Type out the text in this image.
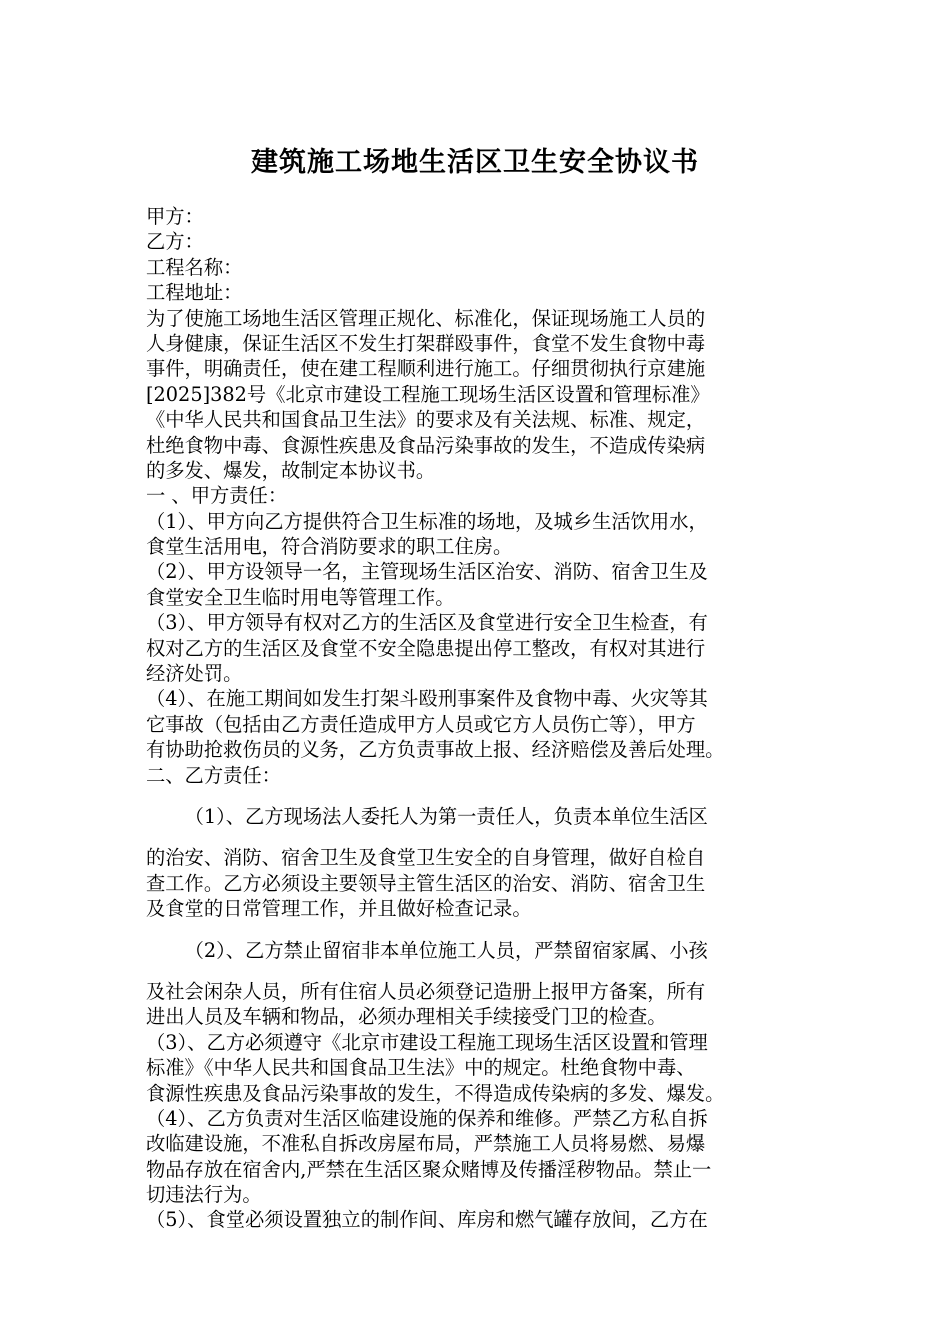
建筑施工场地生活区卫生安全协议书
甲方：
乙方：
工程名称：
工程地址：
为了使施工场地生活区管理正规化、标准化，保证现场施工人员的
人身健康，保证生活区不发生打架群殴事件，食堂不发生食物中毒
事件，明确责任，使在建工程顺利进行施工。仔细贯彻执行京建施
[2025]382号《北京市建设工程施工现场生活区设置和管理标准》
《中华人民共和国食品卫生法》的要求及有关法规、标准、规定，
杜绝食物中毒、食源性疾患及食品污染事故的发生，不造成传染病
的多发、爆发，故制定本协议书。
一 、甲方责任：
（1）、甲方向乙方提供符合卫生标准的场地，及城乡生活饮用水，
食堂生活用电，符合消防要求的职工住房。
（2）、甲方设领导一名，主管现场生活区治安、消防、宿舍卫生及
食堂安全卫生临时用电等管理工作。
（3）、甲方领导有权对乙方的生活区及食堂进行安全卫生检查，有
权对乙方的生活区及食堂不安全隐患提出停工整改，有权对其进行
经济处罚。
（4）、在施工期间如发生打架斗殴刑事案件及食物中毒、火灾等其
它事故（包括由乙方责任造成甲方人员或它方人员伤亡等），甲方
有协助抢救伤员的义务，乙方负责事故上报、经济赔偿及善后处理。
二、乙方责任：
（1）、乙方现场法人委托人为第一责任人，负责本单位生活区
的治安、消防、宿舍卫生及食堂卫生安全的自身管理，做好自检自
查工作。乙方必须设主要领导主管生活区的治安、消防、宿舍卫生
及食堂的日常管理工作，并且做好检查记录。
（2）、乙方禁止留宿非本单位施工人员，严禁留宿家属、小孩
及社会闲杂人员，所有住宿人员必须登记造册上报甲方备案，所有
进出人员及车辆和物品，必须办理相关手续接受门卫的检查。
（3）、乙方必须遵守《北京市建设工程施工现场生活区设置和管理
标准》《中华人民共和国食品卫生法》中的规定。杜绝食物中毒、
食源性疾患及食品污染事故的发生，不得造成传染病的多发、爆发。
（4）、乙方负责对生活区临建设施的保养和维修。严禁乙方私自拆
改临建设施，不准私自拆改房屋布局，严禁施工人员将易燃、易爆
物品存放在宿舍内,严禁在生活区聚众赌博及传播淫秽物品。禁止一
切违法行为。
（5）、食堂必须设置独立的制作间、库房和燃气罐存放间，乙方在
